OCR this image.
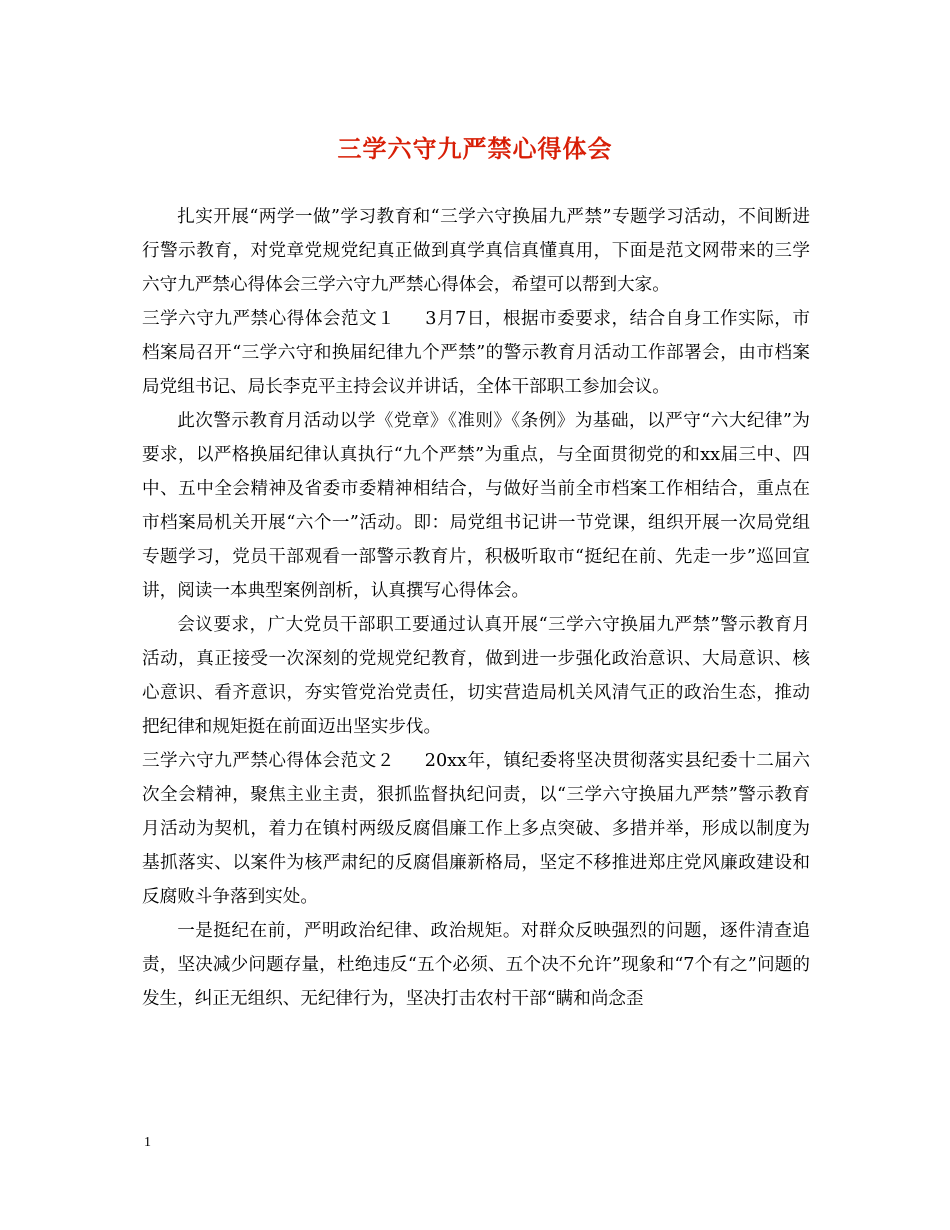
三学六守九严禁心得体会

扎实开展“两学一做”学习教育和“三学六守换届九严禁”专题学习活动，不间断进行警示教育，对党章党规党纪真正做到真学真信真懂真用，下面是范文网带来的三学六守九严禁心得体会三学六守九严禁心得体会，希望可以帮到大家。

三学六守九严禁心得体会范文１ 3月7日，根据市委要求，结合自身工作实际，市档案局召开“三学六守和换届纪律九个严禁”的警示教育月活动工作部署会，由市档案局党组书记、局长李克平主持会议并讲话，全体干部职工参加会议。

此次警示教育月活动以学《党章》《准则》《条例》为基础，以严守“六大纪律”为要求，以严格换届纪律认真执行“九个严禁”为重点，与全面贯彻党的和xx届三中、四中、五中全会精神及省委市委精神相结合，与做好当前全市档案工作相结合，重点在市档案局机关开展“六个一”活动。即：局党组书记讲一节党课，组织开展一次局党组专题学习，党员干部观看一部警示教育片，积极听取市“挺纪在前、先走一步”巡回宣讲，阅读一本典型案例剖析，认真撰写心得体会。

会议要求，广大党员干部职工要通过认真开展“三学六守换届九严禁”警示教育月活动，真正接受一次深刻的党规党纪教育，做到进一步强化政治意识、大局意识、核心意识、看齐意识，夯实管党治党责任，切实营造局机关风清气正的政治生态，推动把纪律和规矩挺在前面迈出坚实步伐。

三学六守九严禁心得体会范文２ 20xx年，镇纪委将坚决贯彻落实县纪委十二届六次全会精神，聚焦主业主责，狠抓监督执纪问责，以“三学六守换届九严禁”警示教育月活动为契机，着力在镇村两级反腐倡廉工作上多点突破、多措并举，形成以制度为基抓落实、以案件为核严肃纪的反腐倡廉新格局，坚定不移推进郑庄党风廉政建设和反腐败斗争落到实处。

一是挺纪在前，严明政治纪律、政治规矩。对群众反映强烈的问题，逐件清查追责，坚决减少问题存量，杜绝违反“五个必须、五个决不允许”现象和“7个有之”问题的发生，纠正无组织、无纪律行为，坚决打击农村干部“瞒和尚念歪

1
